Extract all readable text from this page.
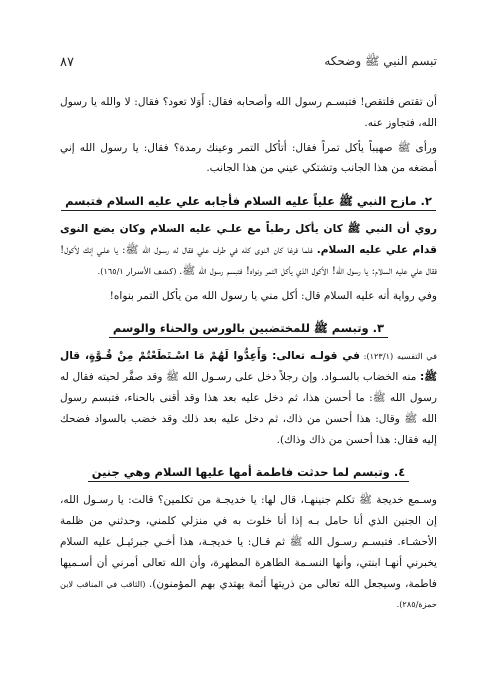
تبسم النبي ﷺ وضحكه
٨٧

أن تقتص فلتقص! فتبسـم رسول الله وأصحابه فقال: أَوَلا تعود؟ فقال: لا والله يا رسول الله، فتجاوز عنه.

ورأى ﷺ صهيباً يأكل تمراً فقال: أتأكل التمر وعينك رمدة؟ فقال: يا رسول الله إني أمضغه من هذا الجانب وتشتكي عيني من هذا الجانب.

٢. مازح النبي ﷺ علياً عليه السلام فأجابه علي عليه السلام فتبسم

روي أن النبي ﷺ كان يأكل رطباً مع علـي عليه السلام وكان يضع النوى قدام علي عليه السلام. فلما فرغا كان النوى كله في طرف علي فقال له رسـول الله ﷺ: يا علـي إنك لأكول! فقال علي عليه السلام: يا رسول الله! الأكول الذي يأكل التمر ونواه! فتبسم رسول الله ﷺ. (كشف الأسرار ١٦٥/١).

وفي رواية أنه عليه السلام قال: أكل مني يا رسول الله من يأكل التمر بنواه!

٣. وتبسم ﷺ للمختضبين بالورس والحناء والوسم

في التفسيه (١٢٣/١): في قولـه تعالى: وَأَعِدُّوا لَهُمْ مَا اسْـتَطَعْتُمْ مِنْ قُـوَّةٍ، قال ﷺ: منه الخضاب بالسـواد. وإن رجلاً دخل على رسـول الله ﷺ وقد صفَّر لحيته فقال له رسول الله ﷺ: ما أحسن هذا، ثم دخل عليه بعد هذا وقد أقنى بالحناء، فتبسم رسول الله ﷺ وقال: هذا أحسن من ذاك، ثم دخل عليه بعد ذلك وقد خضب بالسواد فضحك إليه فقال: هذا أحسن من ذاك وذاك).

٤. وتبسم لما حدثت فاطمة أمها عليها السلام وهي جنين

وسـمع خديجة ﷺ تكلم جنينهـا، قال لها: يا خديجـة من تكلمين؟ قالت: يا رسـول الله، إن الجنين الذي أنا حامل بـه إذا أنا خلوت به في منزلي كلمني، وحدثني من ظلمة الأحشـاء. فتبسـم رسـول الله ﷺ ثم قـال: يا خديجـة، هذا أخـي جبرئيـل عليه السلام يخبرني أنهـا ابنتي، وأنها النسـمة الطاهرة المطهرة، وأن الله تعالى أمرني أن أسـميها فاطمة، وسيجعل الله تعالى من ذريتها أئمة يهتدي بهم المؤمنون). (الثاقب في المناقب لابن حمزة/٢٨٥).
